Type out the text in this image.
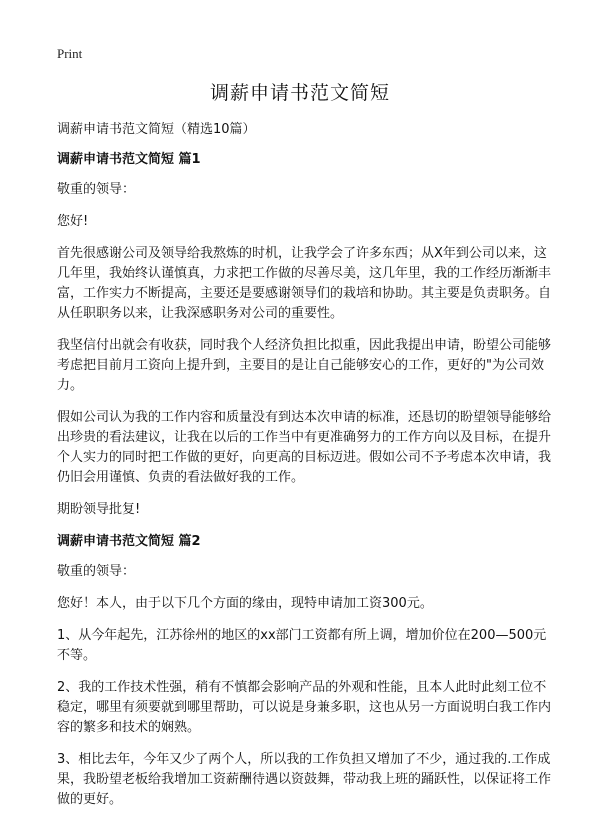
Print
调薪申请书范文简短

调薪申请书范文简短（精选10篇）

调薪申请书范文简短 篇1

敬重的领导：

您好!

首先很感谢公司及领导给我熬炼的时机，让我学会了许多东西；从X年到公司以来，这几年里，我始终认谨慎真，力求把工作做的尽善尽美，这几年里，我的工作经历渐渐丰富，工作实力不断提高，主要还是要感谢领导们的栽培和协助。其主要是负责职务。自从任职职务以来，让我深感职务对公司的重要性。

我坚信付出就会有收获，同时我个人经济负担比拟重，因此我提出申请，盼望公司能够考虑把目前月工资向上提升到，主要目的是让自己能够安心的工作，更好的"为公司效力。

假如公司认为我的工作内容和质量没有到达本次申请的标准，还恳切的盼望领导能够给出珍贵的看法建议，让我在以后的工作当中有更准确努力的工作方向以及目标，在提升个人实力的同时把工作做的更好，向更高的目标迈进。假如公司不予考虑本次申请，我仍旧会用谨慎、负责的看法做好我的工作。

期盼领导批复!

调薪申请书范文简短 篇2

敬重的领导：

您好！本人，由于以下几个方面的缘由，现特申请加工资300元。

1、从今年起先，江苏徐州的地区的xx部门工资都有所上调，增加价位在200—500元不等。

2、我的工作技术性强，稍有不慎都会影响产品的外观和性能，且本人此时此刻工位不稳定，哪里有须要就到哪里帮助，可以说是身兼多职，这也从另一方面说明白我工作内容的繁多和技术的娴熟。

3、相比去年，今年又少了两个人，所以我的工作负担又增加了不少，通过我的.工作成果，我盼望老板给我增加工资薪酬待遇以资鼓舞，带动我上班的踊跃性，以保证将工作做的更好。
